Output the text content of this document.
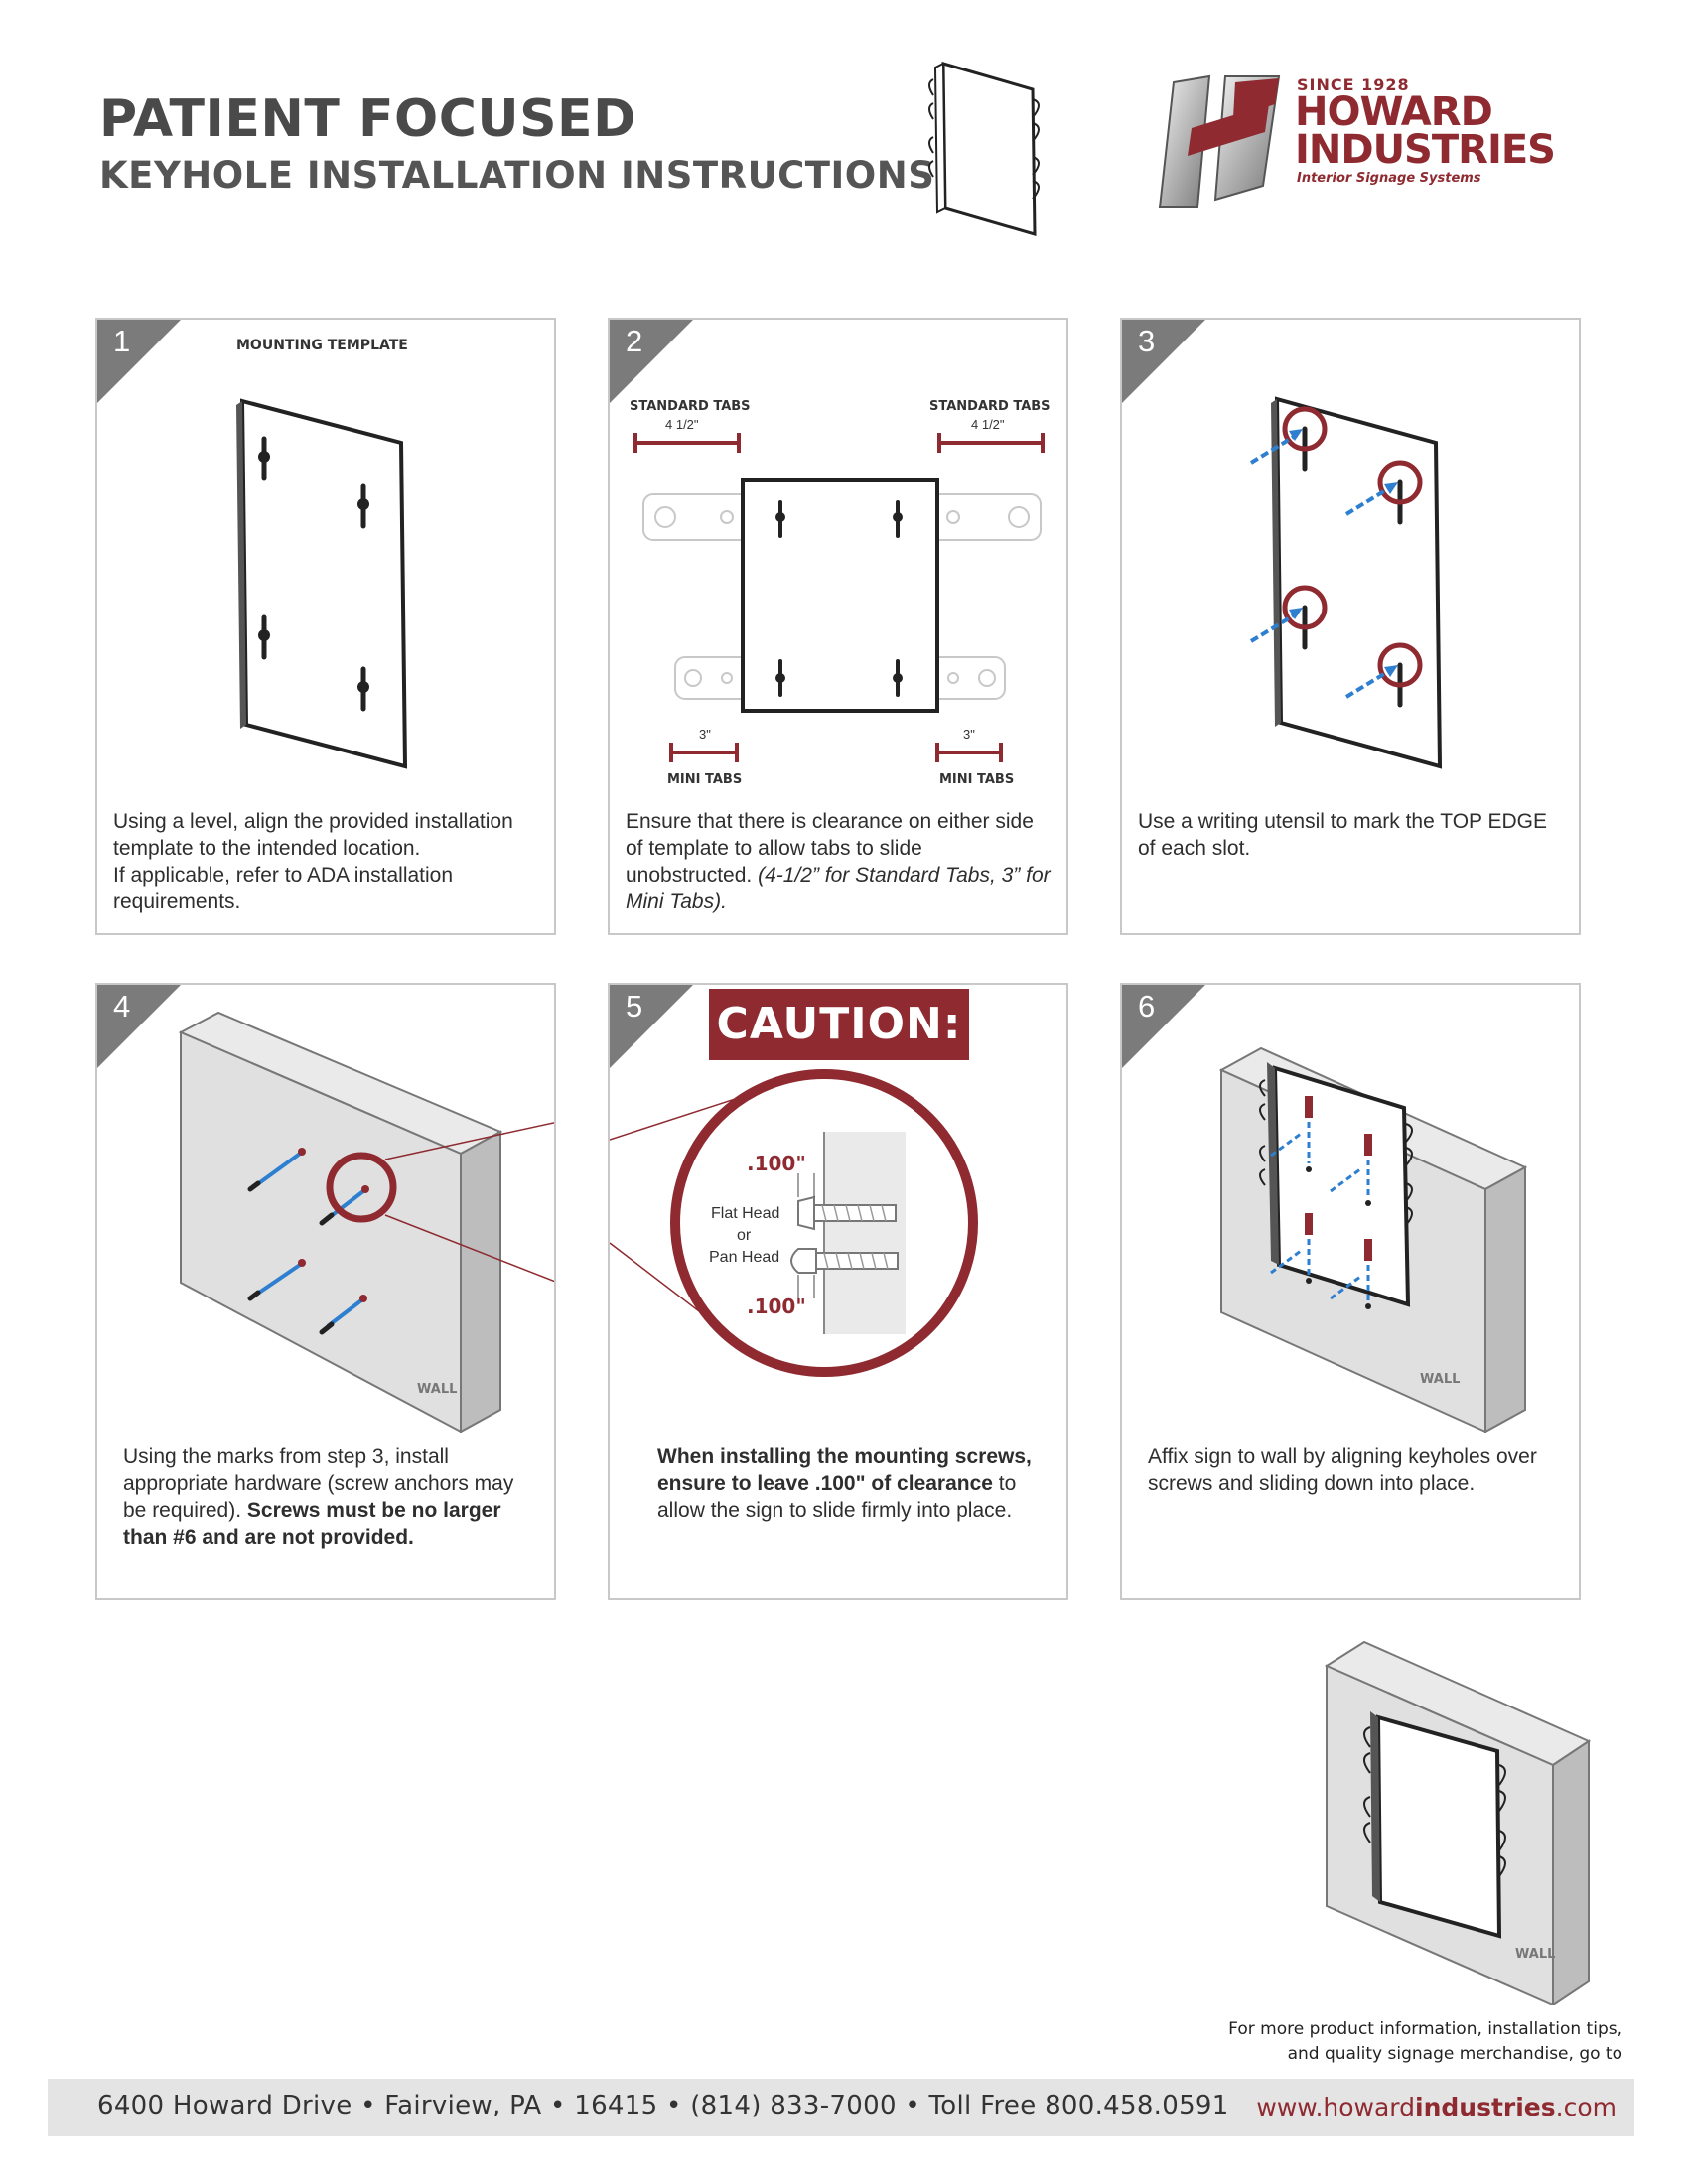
PATIENT FOCUSED
KEYHOLE INSTALLATION INSTRUCTIONS
SINCE 1928
HOWARD
INDUSTRIES
Interior Signage Systems
1	MOUNTING TEMPLATE

Using a level, align the provided installation template to the intended location.
If applicable, refer to ADA installation requirements.

2
STANDARD TABS
4 1/2"
STANDARD TABS
4 1/2"
3"
MINI TABS
3"
MINI TABS

Ensure that there is clearance on either side of template to allow tabs to slide unobstructed. (4-1/2” for Standard Tabs, 3” for Mini Tabs).

3

Use a writing utensil to mark the TOP EDGE of each slot.

4
WALL

Using the marks from step 3, install appropriate hardware (screw anchors may be required). Screws must be no larger than #6 and are not provided.

5 CAUTION:
.100"
Flat Head
or
Pan Head
.100"

When installing the mounting screws, ensure to leave .100" of clearance to allow the sign to slide firmly into place.

6
WALL

Affix sign to wall by aligning keyholes over screws and sliding down into place.

WALL
For more product information, installation tips,
and quality signage merchandise, go to
6400 Howard Drive • Fairview, PA • 16415 • (814) 833-7000 • Toll Free 800.458.0591 www.howardindustries.com
